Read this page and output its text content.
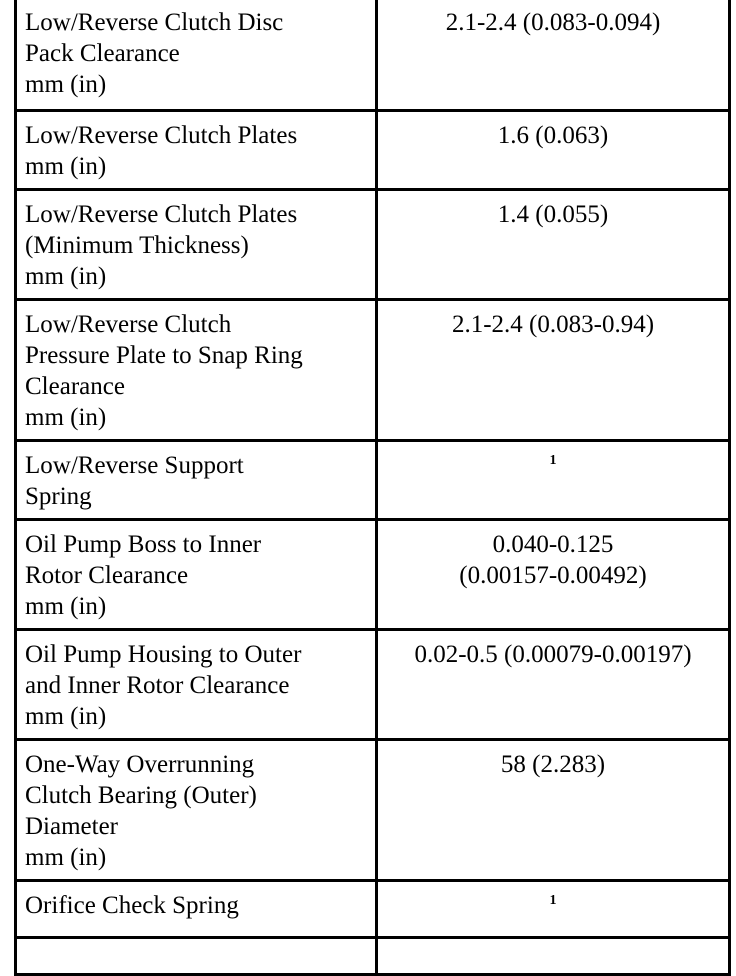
Low/Reverse Clutch Disc
Pack Clearance
mm (in)	2.1-2.4 (0.083-0.094)

Low/Reverse Clutch Plates
mm (in)	1.6 (0.063)

Low/Reverse Clutch Plates
(Minimum Thickness)
mm (in)	1.4 (0.055)

Low/Reverse Clutch
Pressure Plate to Snap Ring
Clearance
mm (in)	2.1-2.4 (0.083-0.94)

Low/Reverse Support
Spring	1

Oil Pump Boss to Inner
Rotor Clearance
mm (in)	0.040-0.125
(0.00157-0.00492)

Oil Pump Housing to Outer
and Inner Rotor Clearance
mm (in)	0.02-0.5 (0.00079-0.00197)

One-Way Overrunning
Clutch Bearing (Outer)
Diameter
mm (in)	58 (2.283)

Orifice Check Spring	1
